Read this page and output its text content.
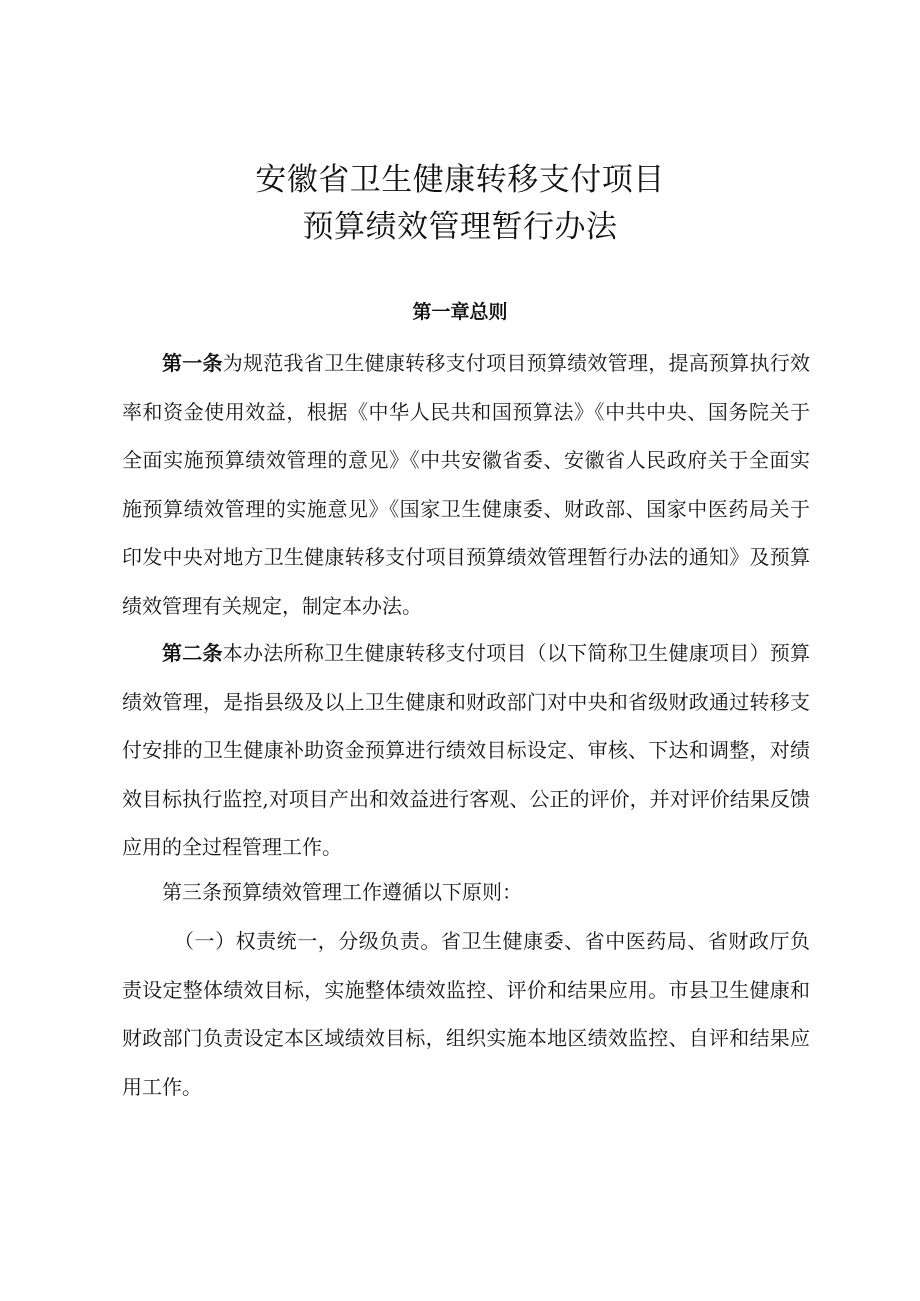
安徽省卫生健康转移支付项目
预算绩效管理暂行办法
第一章总则

第一条为规范我省卫生健康转移支付项目预算绩效管理，提高预算执行效率和资金使用效益，根据《中华人民共和国预算法》《中共中央、国务院关于全面实施预算绩效管理的意见》《中共安徽省委、安徽省人民政府关于全面实施预算绩效管理的实施意见》《国家卫生健康委、财政部、国家中医药局关于印发中央对地方卫生健康转移支付项目预算绩效管理暂行办法的通知》及预算绩效管理有关规定，制定本办法。

第二条本办法所称卫生健康转移支付项目（以下简称卫生健康项目）预算绩效管理，是指县级及以上卫生健康和财政部门对中央和省级财政通过转移支付安排的卫生健康补助资金预算进行绩效目标设定、审核、下达和调整，对绩效目标执行监控,对项目产出和效益进行客观、公正的评价，并对评价结果反馈应用的全过程管理工作。

第三条预算绩效管理工作遵循以下原则：

（一）权责统一，分级负责。省卫生健康委、省中医药局、省财政厅负责设定整体绩效目标，实施整体绩效监控、评价和结果应用。市县卫生健康和财政部门负责设定本区域绩效目标，组织实施本地区绩效监控、自评和结果应用工作。
